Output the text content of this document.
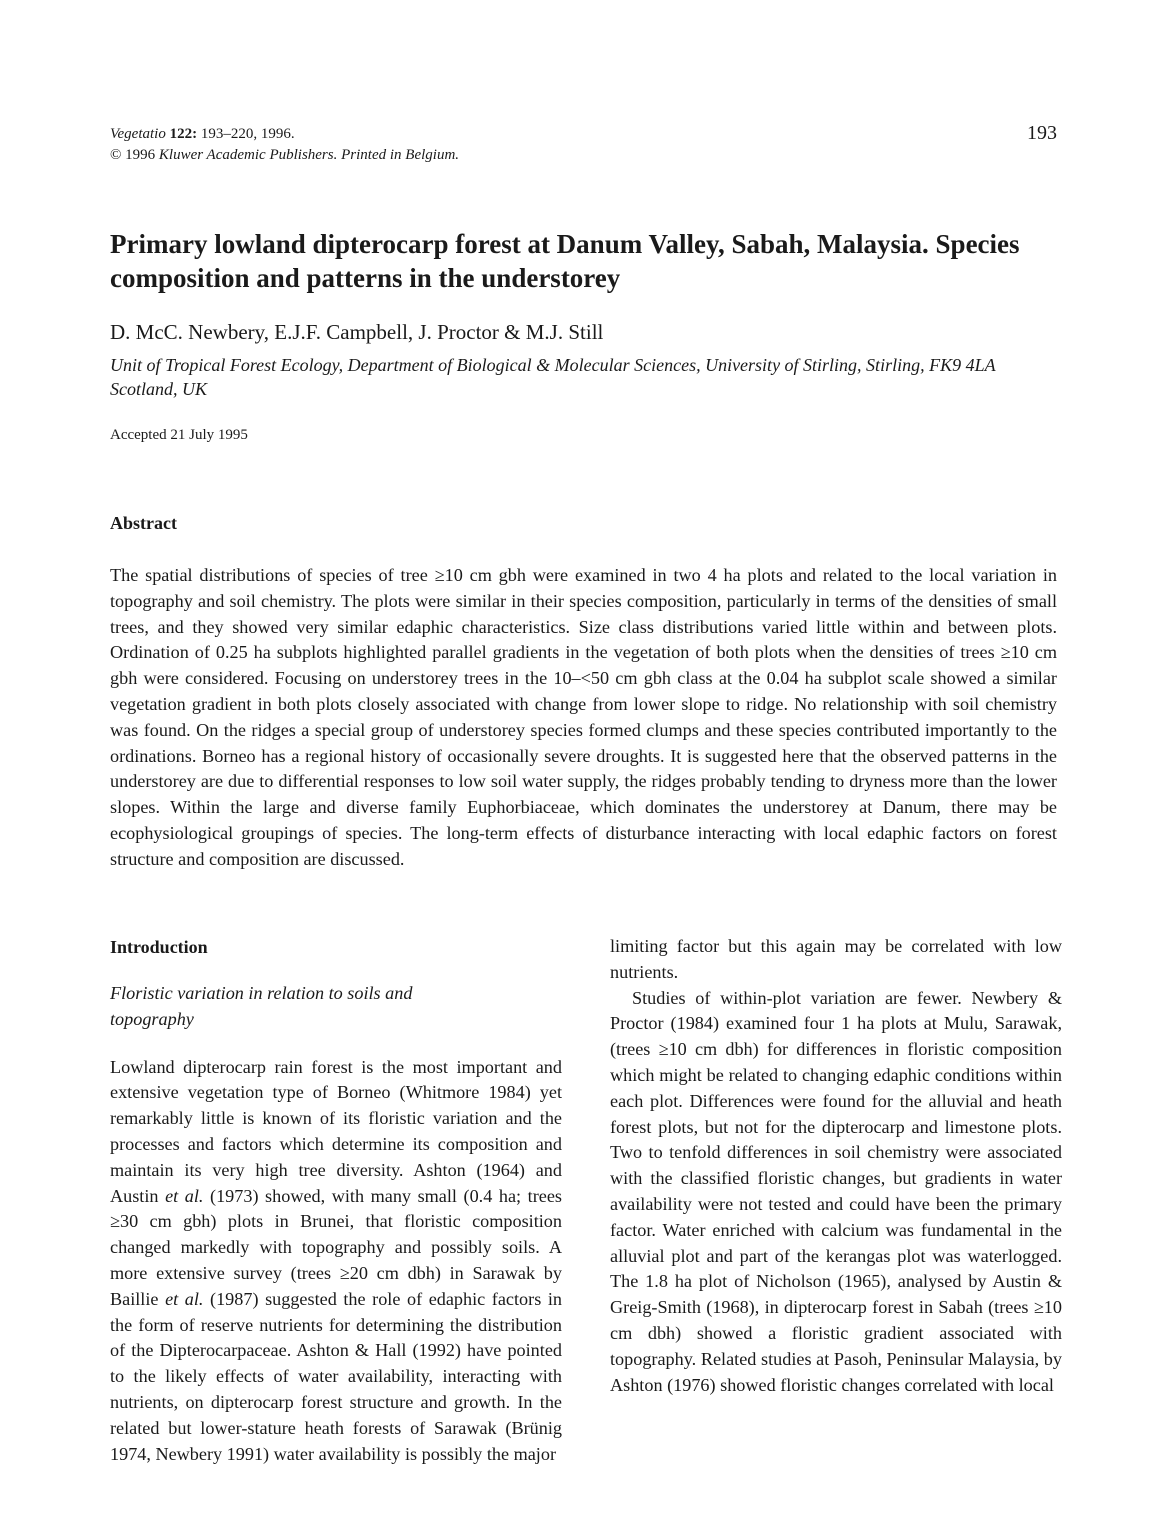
Vegetatio 122: 193–220, 1996.
© 1996 Kluwer Academic Publishers. Printed in Belgium.
193
Primary lowland dipterocarp forest at Danum Valley, Sabah, Malaysia. Species composition and patterns in the understorey
D. McC. Newbery, E.J.F. Campbell, J. Proctor & M.J. Still
Unit of Tropical Forest Ecology, Department of Biological & Molecular Sciences, University of Stirling, Stirling, FK9 4LA Scotland, UK
Accepted 21 July 1995
Abstract
The spatial distributions of species of tree ≥10 cm gbh were examined in two 4 ha plots and related to the local variation in topography and soil chemistry. The plots were similar in their species composition, particularly in terms of the densities of small trees, and they showed very similar edaphic characteristics. Size class distributions varied little within and between plots. Ordination of 0.25 ha subplots highlighted parallel gradients in the vegetation of both plots when the densities of trees ≥10 cm gbh were considered. Focusing on understorey trees in the 10–<50 cm gbh class at the 0.04 ha subplot scale showed a similar vegetation gradient in both plots closely associated with change from lower slope to ridge. No relationship with soil chemistry was found. On the ridges a special group of understorey species formed clumps and these species contributed importantly to the ordinations. Borneo has a regional history of occasionally severe droughts. It is suggested here that the observed patterns in the understorey are due to differential responses to low soil water supply, the ridges probably tending to dryness more than the lower slopes. Within the large and diverse family Euphorbiaceae, which dominates the understorey at Danum, there may be ecophysiological groupings of species. The long-term effects of disturbance interacting with local edaphic factors on forest structure and composition are discussed.
Introduction
Floristic variation in relation to soils and topography

Lowland dipterocarp rain forest is the most important and extensive vegetation type of Borneo (Whitmore 1984) yet remarkably little is known of its floristic variation and the processes and factors which determine its composition and maintain its very high tree diversity. Ashton (1964) and Austin et al. (1973) showed, with many small (0.4 ha; trees ≥30 cm gbh) plots in Brunei, that floristic composition changed markedly with topography and possibly soils. A more extensive survey (trees ≥20 cm dbh) in Sarawak by Baillie et al. (1987) suggested the role of edaphic factors in the form of reserve nutrients for determining the distribution of the Dipterocarpaceae. Ashton & Hall (1992) have pointed to the likely effects of water availability, interacting with nutrients, on dipterocarp forest structure and growth. In the related but lower-stature heath forests of Sarawak (Brünig 1974, Newbery 1991) water availability is possibly the major

limiting factor but this again may be correlated with low nutrients.

Studies of within-plot variation are fewer. Newbery & Proctor (1984) examined four 1 ha plots at Mulu, Sarawak, (trees ≥10 cm dbh) for differences in floristic composition which might be related to changing edaphic conditions within each plot. Differences were found for the alluvial and heath forest plots, but not for the dipterocarp and limestone plots. Two to tenfold differences in soil chemistry were associated with the classified floristic changes, but gradients in water availability were not tested and could have been the primary factor. Water enriched with calcium was fundamental in the alluvial plot and part of the kerangas plot was waterlogged. The 1.8 ha plot of Nicholson (1965), analysed by Austin & Greig-Smith (1968), in dipterocarp forest in Sabah (trees ≥10 cm dbh) showed a floristic gradient associated with topography. Related studies at Pasoh, Peninsular Malaysia, by Ashton (1976) showed floristic changes correlated with local
